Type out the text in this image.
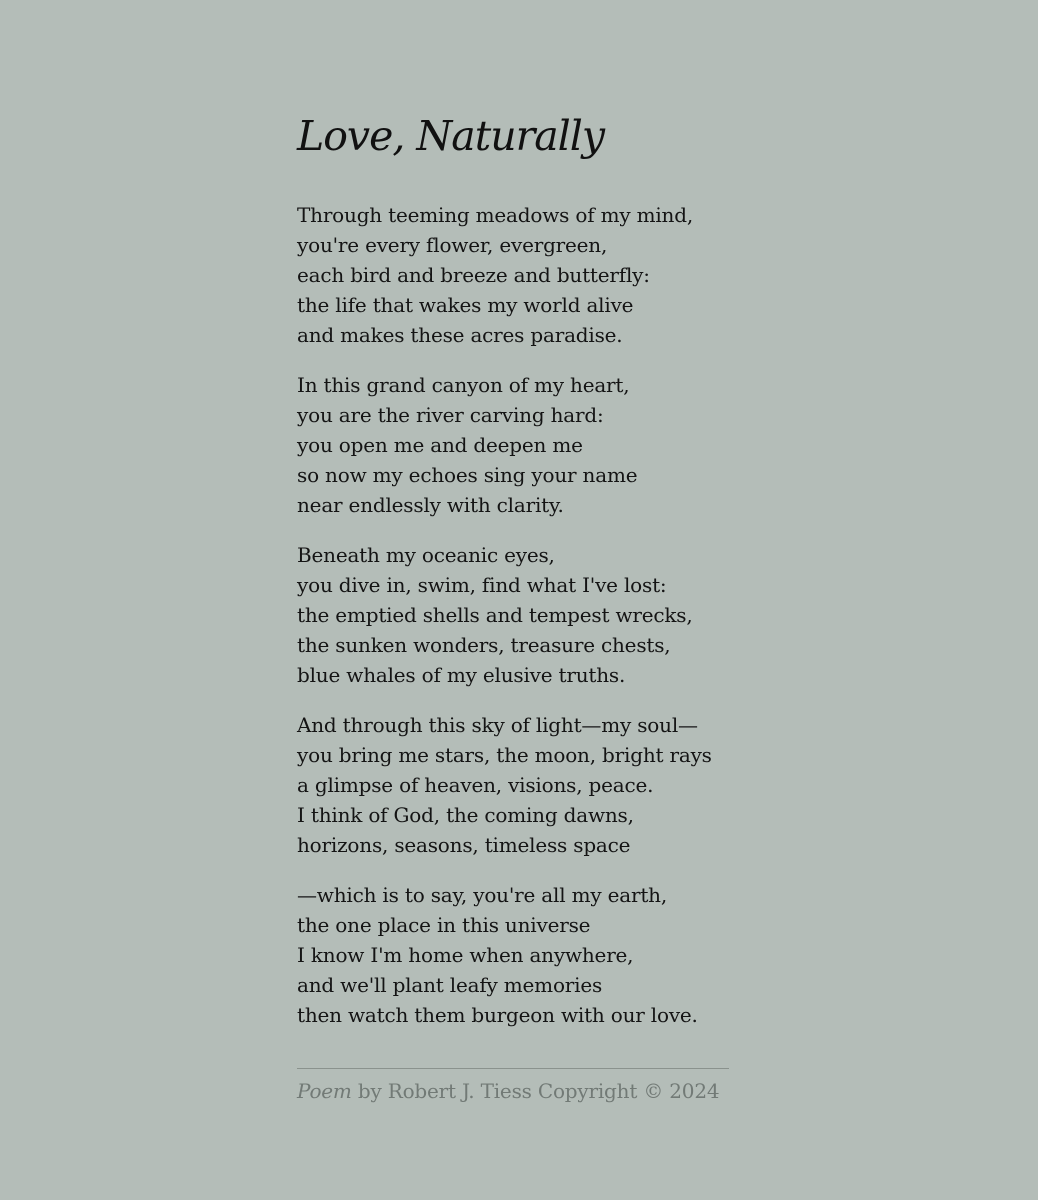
Love, Naturally
Through teeming meadows of my mind,
you're every flower, evergreen,
each bird and breeze and butterfly:
the life that wakes my world alive
and makes these acres paradise.
In this grand canyon of my heart,
you are the river carving hard:
you open me and deepen me
so now my echoes sing your name
near endlessly with clarity.
Beneath my oceanic eyes,
you dive in, swim, find what I've lost:
the emptied shells and tempest wrecks,
the sunken wonders, treasure chests,
blue whales of my elusive truths.
And through this sky of light—my soul—
you bring me stars, the moon, bright rays
a glimpse of heaven, visions, peace.
I think of God, the coming dawns,
horizons, seasons, timeless space
—which is to say, you're all my earth,
the one place in this universe
I know I'm home when anywhere,
and we'll plant leafy memories
then watch them burgeon with our love.
Poem by Robert J. Tiess Copyright © 2024
